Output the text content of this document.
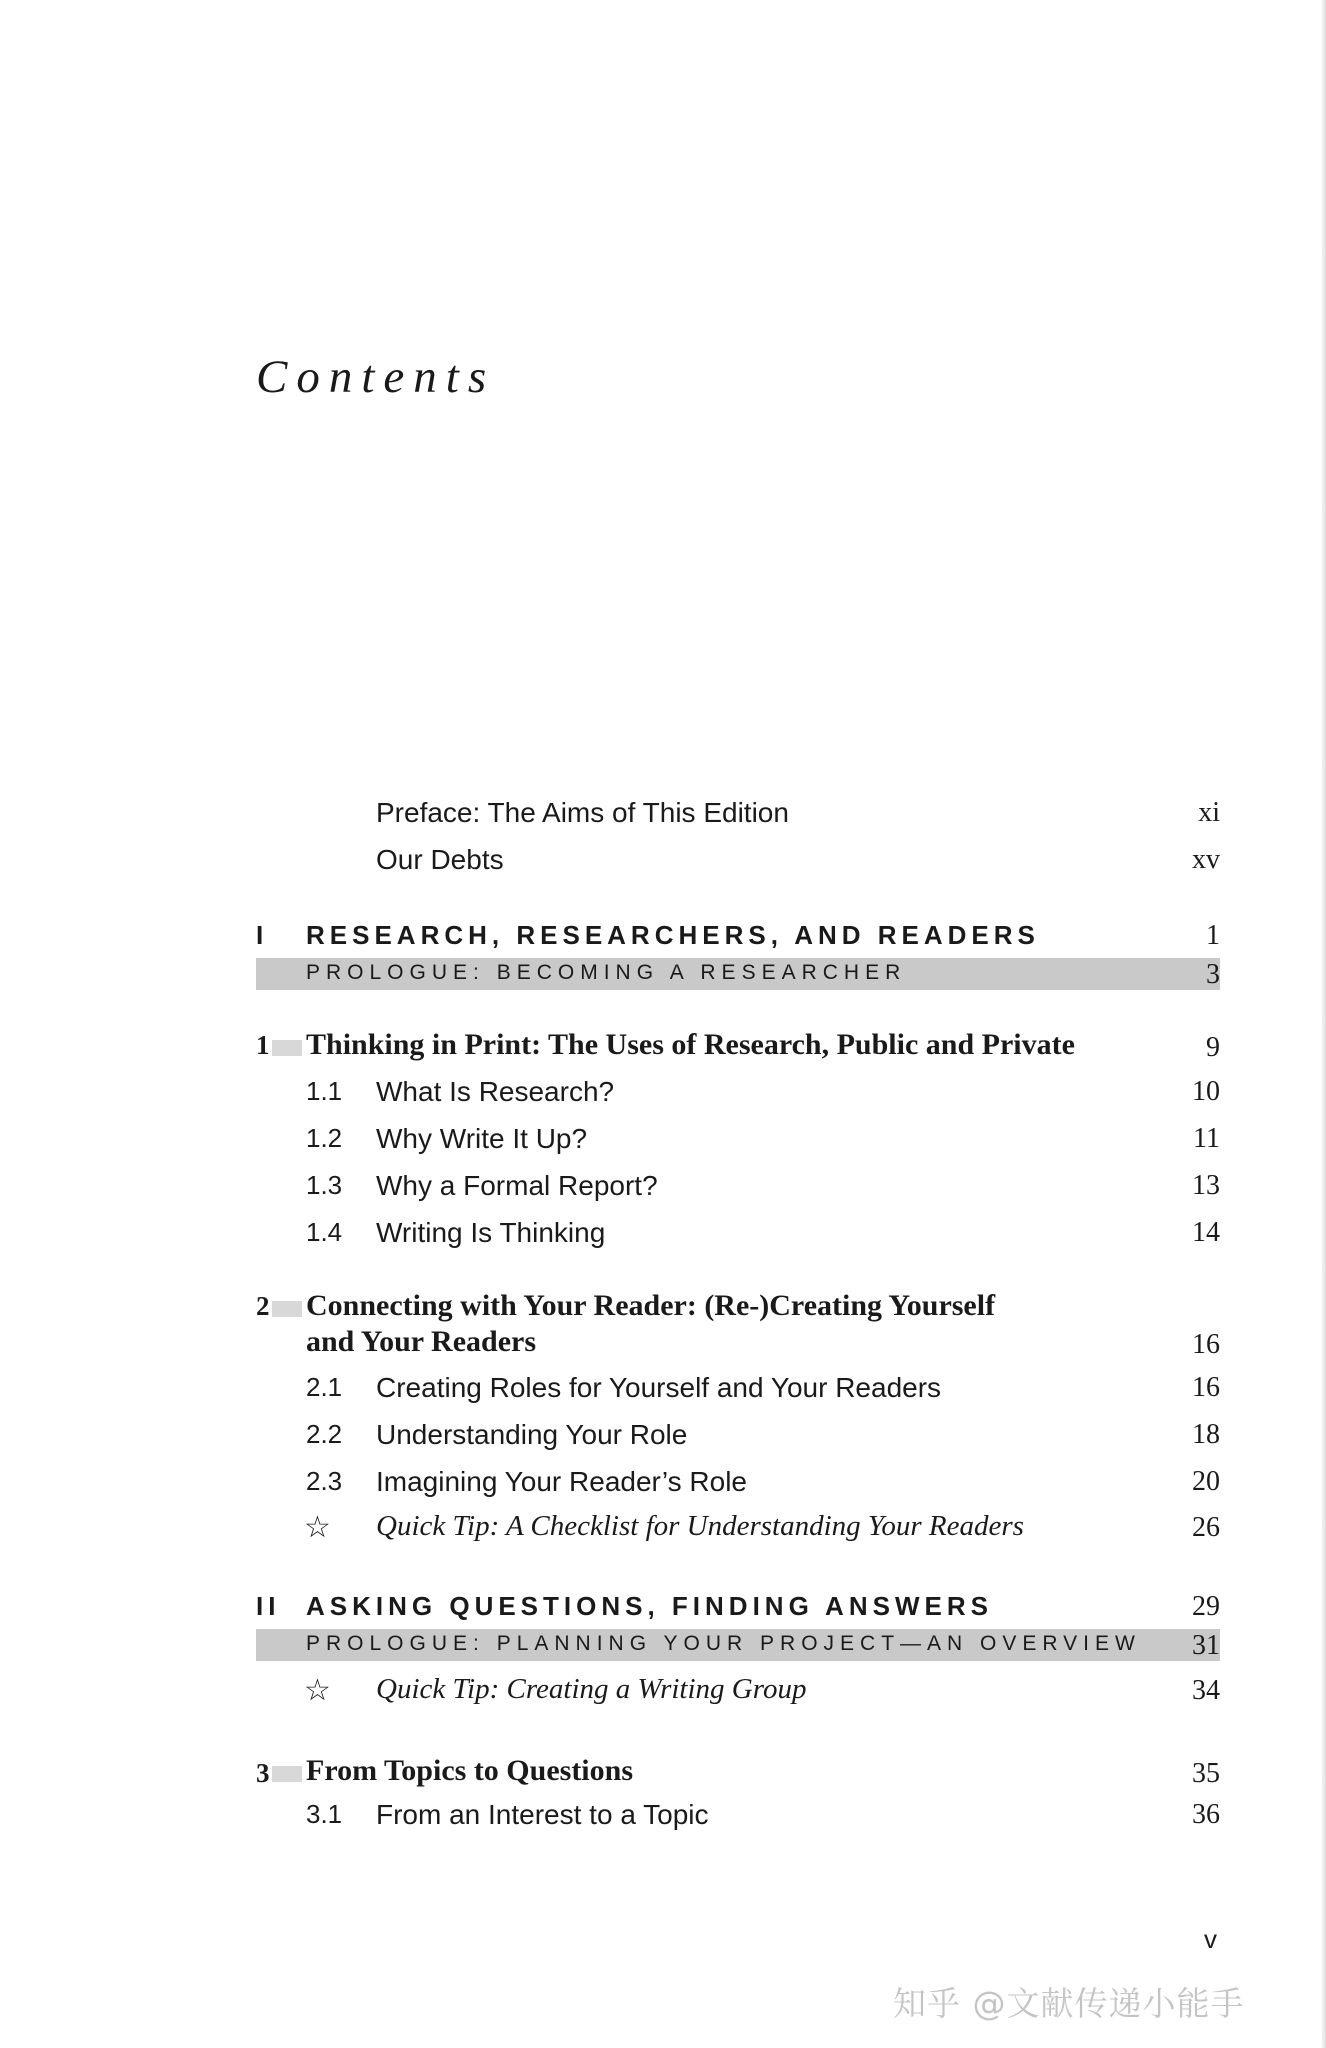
Contents
Preface: The Aims of This Edition	xi
Our Debts	xv
I RESEARCH, RESEARCHERS, AND READERS	1
PROLOGUE: BECOMING A RESEARCHER	3
1 Thinking in Print: The Uses of Research, Public and Private	9
1.1 What Is Research?	10
1.2 Why Write It Up?	11
1.3 Why a Formal Report?	13
1.4 Writing Is Thinking	14
2 Connecting with Your Reader: (Re-)Creating Yourself
and Your Readers	16
2.1 Creating Roles for Yourself and Your Readers	16
2.2 Understanding Your Role	18
2.3 Imagining Your Reader’s Role	20
☆ Quick Tip: A Checklist for Understanding Your Readers	26
II ASKING QUESTIONS, FINDING ANSWERS	29
PROLOGUE: PLANNING YOUR PROJECT—AN OVERVIEW 31
☆ Quick Tip: Creating a Writing Group	34
3 From Topics to Questions	35
3.1 From an Interest to a Topic	36
v
知乎 @文献传递小能手
